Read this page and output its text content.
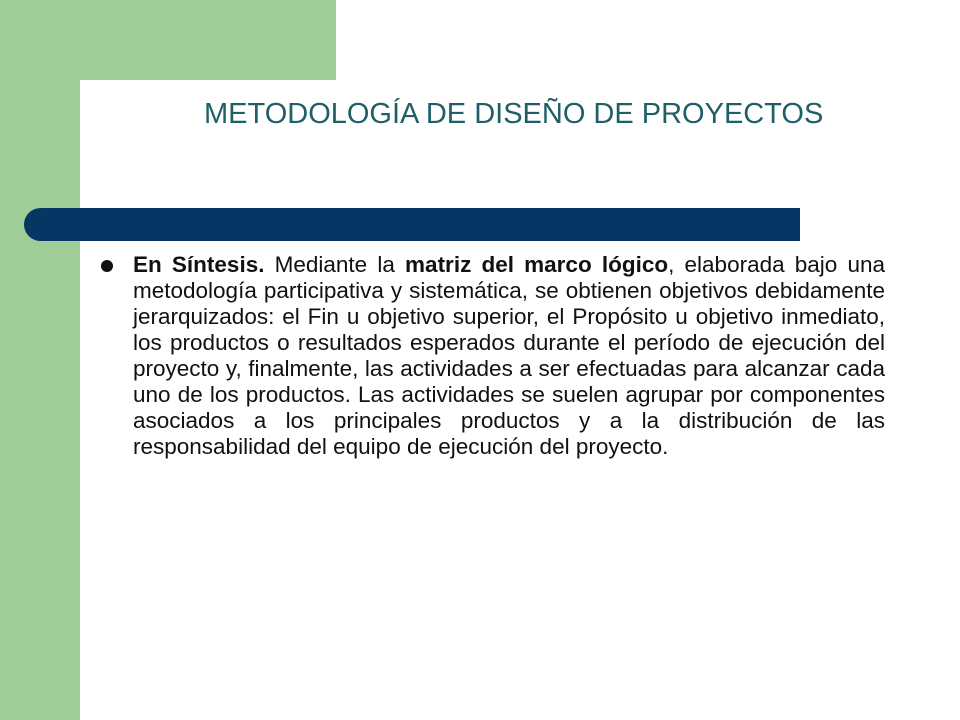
METODOLOGÍA DE DISEÑO DE PROYECTOS

En Síntesis. Mediante la matriz del marco lógico, elaborada bajo una metodología participativa y sistemática, se obtienen objetivos debidamente jerarquizados: el Fin u objetivo superior, el Propósito u objetivo inmediato, los productos o resultados esperados durante el período de ejecución del proyecto y, finalmente, las actividades a ser efectuadas para alcanzar cada uno de los productos. Las actividades se suelen agrupar por componentes asociados a los principales productos y a la distribución de las responsabilidad del equipo de ejecución del proyecto.
